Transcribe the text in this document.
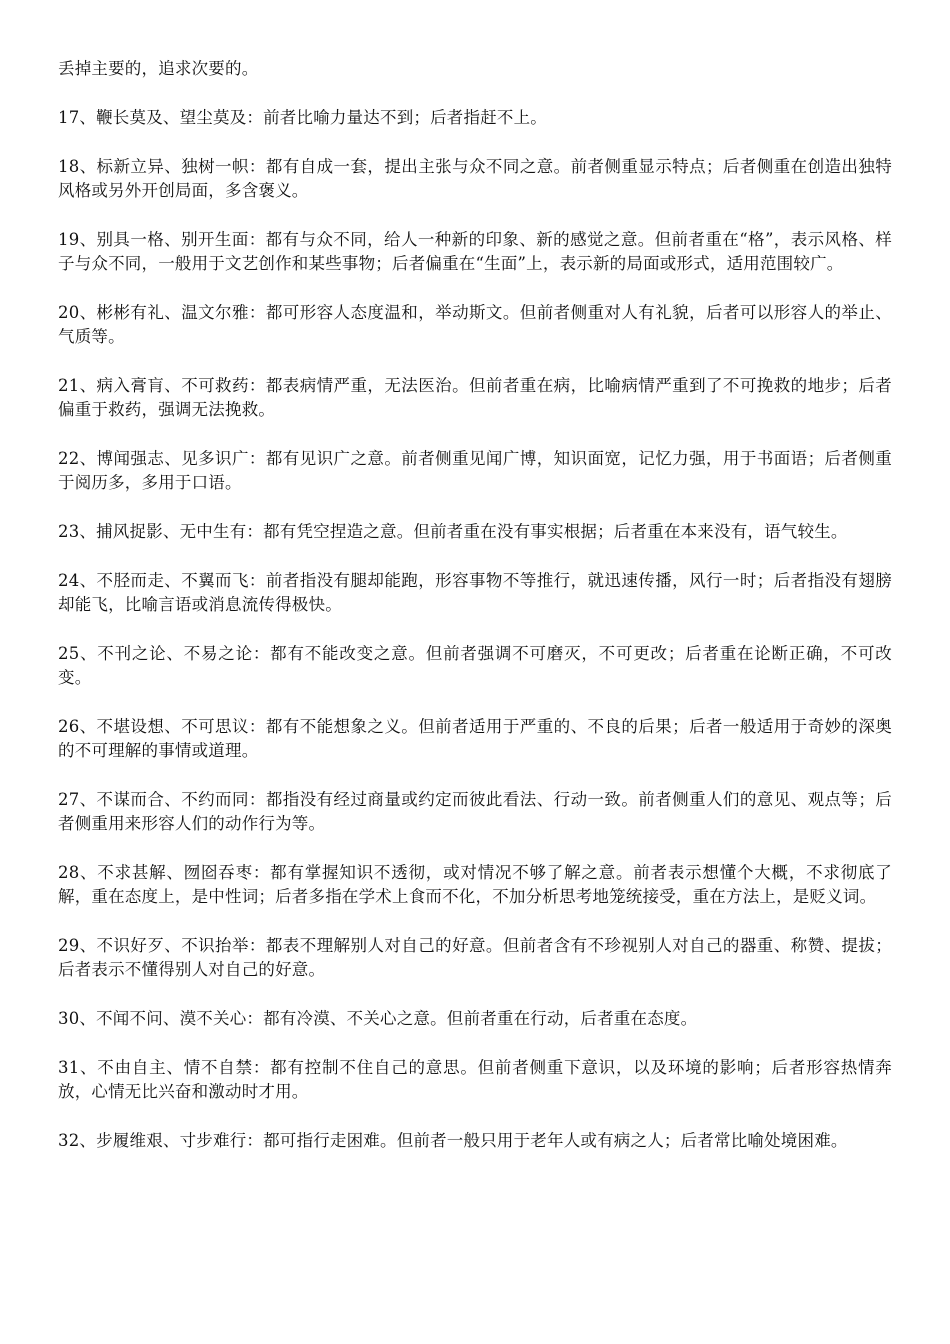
丢掉主要的，追求次要的。

17、鞭长莫及、望尘莫及：前者比喻力量达不到；后者指赶不上。

18、标新立异、独树一帜：都有自成一套，提出主张与众不同之意。前者侧重显示特点；后者侧重在创造出独特风格或另外开创局面，多含褒义。

19、别具一格、别开生面：都有与众不同，给人一种新的印象、新的感觉之意。但前者重在“格”，表示风格、样子与众不同，一般用于文艺创作和某些事物；后者偏重在“生面”上，表示新的局面或形式，适用范围较广。

20、彬彬有礼、温文尔雅：都可形容人态度温和，举动斯文。但前者侧重对人有礼貌，后者可以形容人的举止、气质等。

21、病入膏肓、不可救药：都表病情严重，无法医治。但前者重在病，比喻病情严重到了不可挽救的地步；后者偏重于救药，强调无法挽救。

22、博闻强志、见多识广：都有见识广之意。前者侧重见闻广博，知识面宽，记忆力强，用于书面语；后者侧重于阅历多，多用于口语。

23、捕风捉影、无中生有：都有凭空捏造之意。但前者重在没有事实根据；后者重在本来没有，语气较生。

24、不胫而走、不翼而飞：前者指没有腿却能跑，形容事物不等推行，就迅速传播，风行一时；后者指没有翅膀却能飞，比喻言语或消息流传得极快。

25、不刊之论、不易之论：都有不能改变之意。但前者强调不可磨灭，不可更改；后者重在论断正确，不可改变。

26、不堪设想、不可思议：都有不能想象之义。但前者适用于严重的、不良的后果；后者一般适用于奇妙的深奥的不可理解的事情或道理。

27、不谋而合、不约而同：都指没有经过商量或约定而彼此看法、行动一致。前者侧重人们的意见、观点等；后者侧重用来形容人们的动作行为等。

28、不求甚解、囫囵吞枣：都有掌握知识不透彻，或对情况不够了解之意。前者表示想懂个大概，不求彻底了解，重在态度上，是中性词；后者多指在学术上食而不化，不加分析思考地笼统接受，重在方法上，是贬义词。

29、不识好歹、不识抬举：都表不理解别人对自己的好意。但前者含有不珍视别人对自己的器重、称赞、提拔；后者表示不懂得别人对自己的好意。

30、不闻不问、漠不关心：都有冷漠、不关心之意。但前者重在行动，后者重在态度。

31、不由自主、情不自禁：都有控制不住自己的意思。但前者侧重下意识，以及环境的影响；后者形容热情奔放，心情无比兴奋和激动时才用。

32、步履维艰、寸步难行：都可指行走困难。但前者一般只用于老年人或有病之人；后者常比喻处境困难。
